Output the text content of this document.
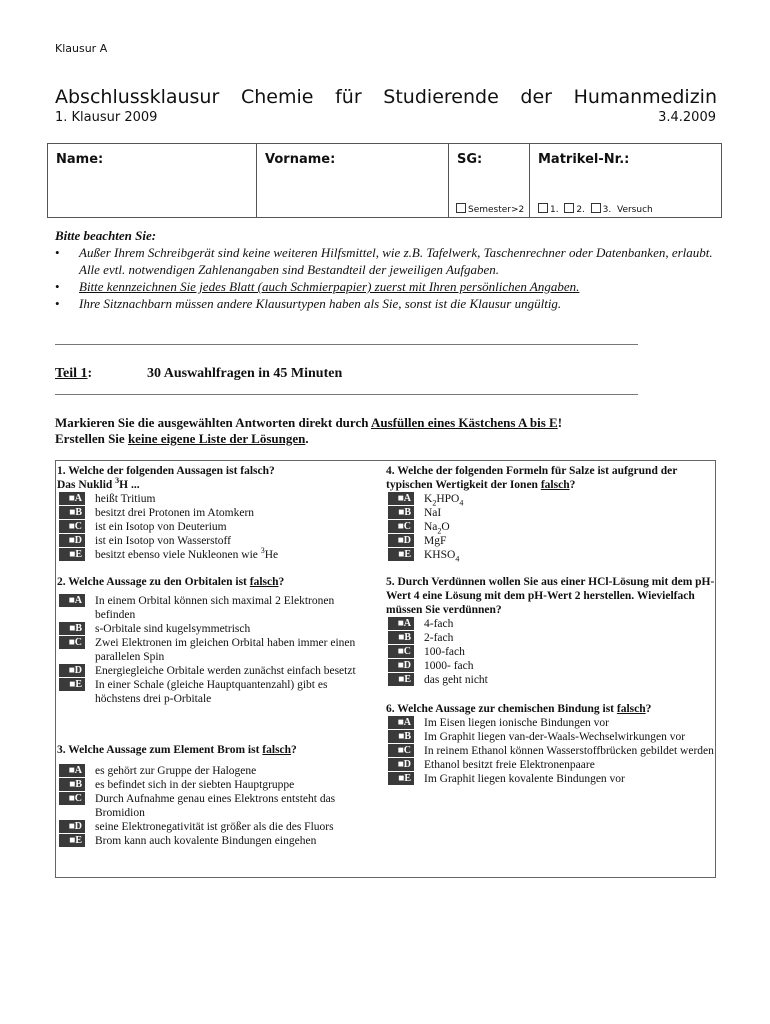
Klausur A
Abschlussklausur Chemie für Studierende der Humanmedizin
1. Klausur 2009	3.4.2009
Name:	Vorname:	SG:
Semester>2
Matrikel-Nr.:
1. 2. 3. Versuch
Bitte beachten Sie:
•	Außer Ihrem Schreibgerät sind keine weiteren Hilfsmittel, wie z.B. Tafelwerk, Taschenrechner oder Datenbanken, erlaubt.
Alle evtl. notwendigen Zahlenangaben sind Bestandteil der jeweiligen Aufgaben.
•	Bitte kennzeichnen Sie jedes Blatt (auch Schmierpapier) zuerst mit Ihren persönlichen Angaben.
•	Ihre Sitznachbarn müssen andere Klausurtypen haben als Sie, sonst ist die Klausur ungültig.
Teil 1:	30 Auswahlfragen in 45 Minuten
Markieren Sie die ausgewählten Antworten direkt durch Ausfüllen eines Kästchens A bis E!
Erstellen Sie keine eigene Liste der Lösungen.
1. Welche der folgenden Aussagen ist falsch?
Das Nuklid $^3$H ...
■A heißt Tritium
■B besitzt drei Protonen im Atomkern
■C ist ein Isotop von Deuterium
■D ist ein Isotop von Wasserstoff
■E besitzt ebenso viele Nukleonen wie $^3$He
2. Welche Aussage zu den Orbitalen ist falsch?
■A In einem Orbital können sich maximal 2 Elektronen befinden
■B s-Orbitale sind kugelsymmetrisch
■C Zwei Elektronen im gleichen Orbital haben immer einen parallelen Spin
■D Energiegleiche Orbitale werden zunächst einfach besetzt
■E In einer Schale (gleiche Hauptquantenzahl) gibt es höchstens drei p-Orbitale
3. Welche Aussage zum Element Brom ist falsch?
■A es gehört zur Gruppe der Halogene
■B es befindet sich in der siebten Hauptgruppe
■C Durch Aufnahme genau eines Elektrons entsteht das Bromidion
■D seine Elektronegativität ist größer als die des Fluors
■E Brom kann auch kovalente Bindungen eingehen
4. Welche der folgenden Formeln für Salze ist aufgrund der typischen Wertigkeit der Ionen falsch?
■A $K_2HPO_4$
■B NaI
■C $Na_2O$
■D MgF
■E $KHSO_4$
5. Durch Verdünnen wollen Sie aus einer HCl-Lösung mit dem pH-Wert 4 eine Lösung mit dem pH-Wert 2 herstellen. Wievielfach müssen Sie verdünnen?
■A 4-fach
■B 2-fach
■C 100-fach
■D 1000- fach
■E das geht nicht
6. Welche Aussage zur chemischen Bindung ist falsch?
■A Im Eisen liegen ionische Bindungen vor
■B Im Graphit liegen van-der-Waals-Wechselwirkungen vor
■C In reinem Ethanol können Wasserstoffbrücken gebildet werden
■D Ethanol besitzt freie Elektronenpaare
■E Im Graphit liegen kovalente Bindungen vor
